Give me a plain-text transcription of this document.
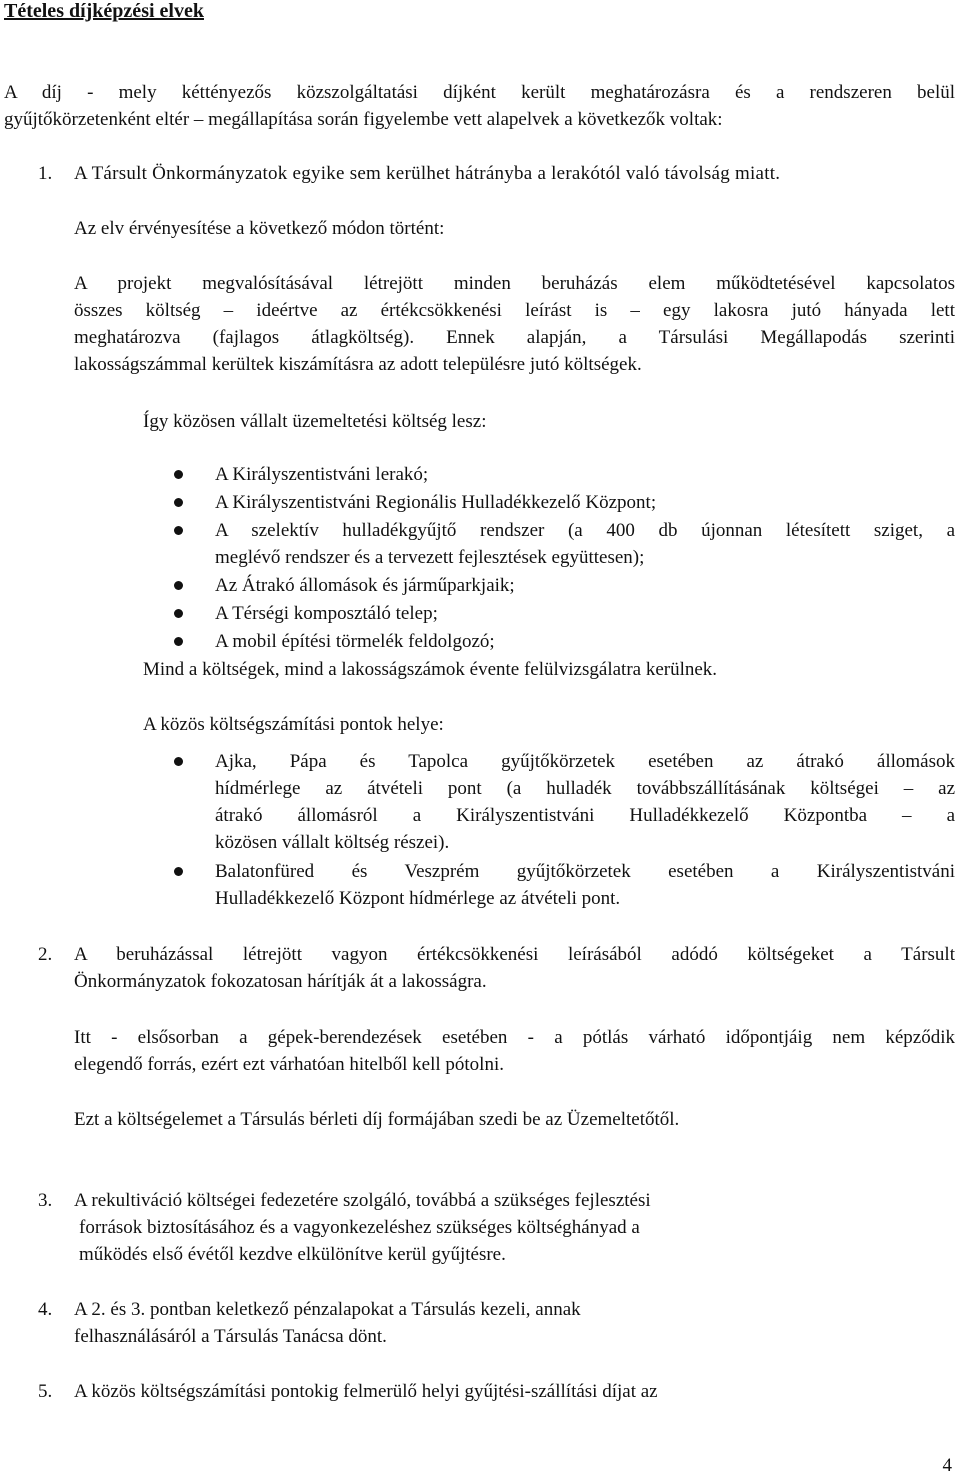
Tételes díjképzési elvek
A díj - mely kéttényezős közszolgáltatási díjként került meghatározásra és a rendszeren belül
gyűjtőkörzetenként eltér – megállapítása során figyelembe vett alapelvek a következők voltak:
1. A Társult Önkormányzatok egyike sem kerülhet hátrányba a lerakótól való távolság miatt.
Az elv érvényesítése a következő módon történt:
A projekt megvalósításával létrejött minden beruházás elem működtetésével kapcsolatos
összes költség – ideértve az értékcsökkenési leírást is – egy lakosra jutó hányada lett
meghatározva (fajlagos átlagköltség). Ennek alapján, a Társulási Megállapodás szerinti
lakosságszámmal kerültek kiszámításra az adott településre jutó költségek.
Így közösen vállalt üzemeltetési költség lesz:
A Királyszentistváni lerakó;
A Királyszentistváni Regionális Hulladékkezelő Központ;
A szelektív hulladékgyűjtő rendszer (a 400 db újonnan létesített sziget, a
meglévő rendszer és a tervezett fejlesztések együttesen);
Az Átrakó állomások és járműparkjaik;
A Térségi komposztáló telep;
A mobil építési törmelék feldolgozó;
Mind a költségek, mind a lakosságszámok évente felülvizsgálatra kerülnek.
A közös költségszámítási pontok helye:
Ajka, Pápa és Tapolca gyűjtőkörzetek esetében az átrakó állomások
hídmérlege az átvételi pont (a hulladék továbbszállításának költségei – az
átrakó állomásról a Királyszentistváni Hulladékkezelő Központba – a
közösen vállalt költség részei).
Balatonfüred és Veszprém gyűjtőkörzetek esetében a Királyszentistváni
Hulladékkezelő Központ hídmérlege az átvételi pont.
2. A beruházással létrejött vagyon értékcsökkenési leírásából adódó költségeket a Társult
Önkormányzatok fokozatosan hárítják át a lakosságra.
Itt - elsősorban a gépek-berendezések esetében - a pótlás várható időpontjáig nem képződik
elegendő forrás, ezért ezt várhatóan hitelből kell pótolni.
Ezt a költségelemet a Társulás bérleti díj formájában szedi be az Üzemeltetőtől.
3. A rekultiváció költségei fedezetére szolgáló, továbbá a szükséges fejlesztési
források biztosításához és a vagyonkezeléshez szükséges költséghányad a
működés első évétől kezdve elkülönítve kerül gyűjtésre.
4. A 2. és 3. pontban keletkező pénzalapokat a Társulás kezeli, annak
felhasználásáról a Társulás Tanácsa dönt.
5. A közös költségszámítási pontokig felmerülő helyi gyűjtési-szállítási díjat az
4
